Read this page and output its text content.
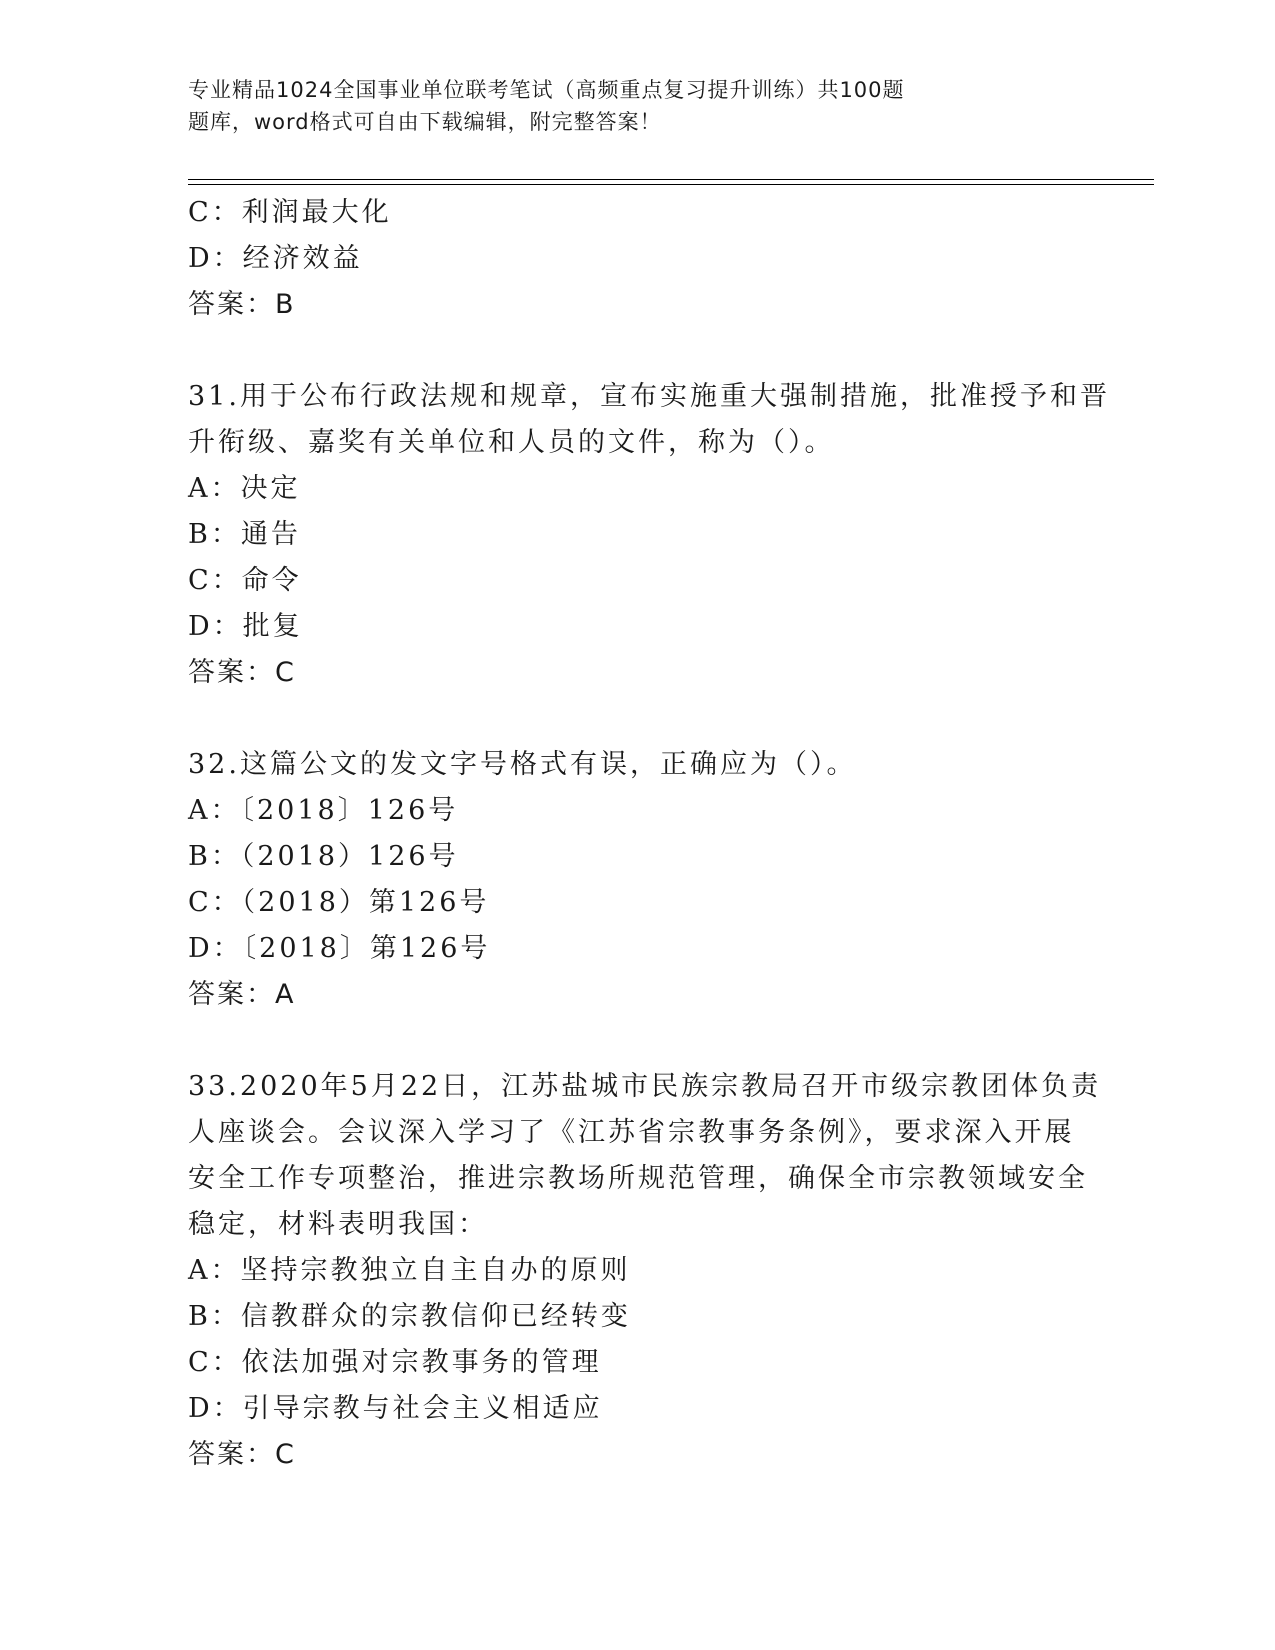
专业精品1024全国事业单位联考笔试（高频重点复习提升训练）共100题
题库，word格式可自由下载编辑，附完整答案！
C：利润最大化
D：经济效益
答案：B
31.用于公布行政法规和规章，宣布实施重大强制措施，批准授予和晋
升衔级、嘉奖有关单位和人员的文件，称为（）。
A：决定
B：通告
C：命令
D：批复
答案：C
32.这篇公文的发文字号格式有误，正确应为（）。
A：〔2018〕126号
B：（2018）126号
C：（2018）第126号
D：〔2018〕第126号
答案：A
33.2020年5月22日，江苏盐城市民族宗教局召开市级宗教团体负责
人座谈会。会议深入学习了《江苏省宗教事务条例》，要求深入开展
安全工作专项整治，推进宗教场所规范管理，确保全市宗教领域安全
稳定，材料表明我国：
A：坚持宗教独立自主自办的原则
B：信教群众的宗教信仰已经转变
C：依法加强对宗教事务的管理
D：引导宗教与社会主义相适应
答案：C
